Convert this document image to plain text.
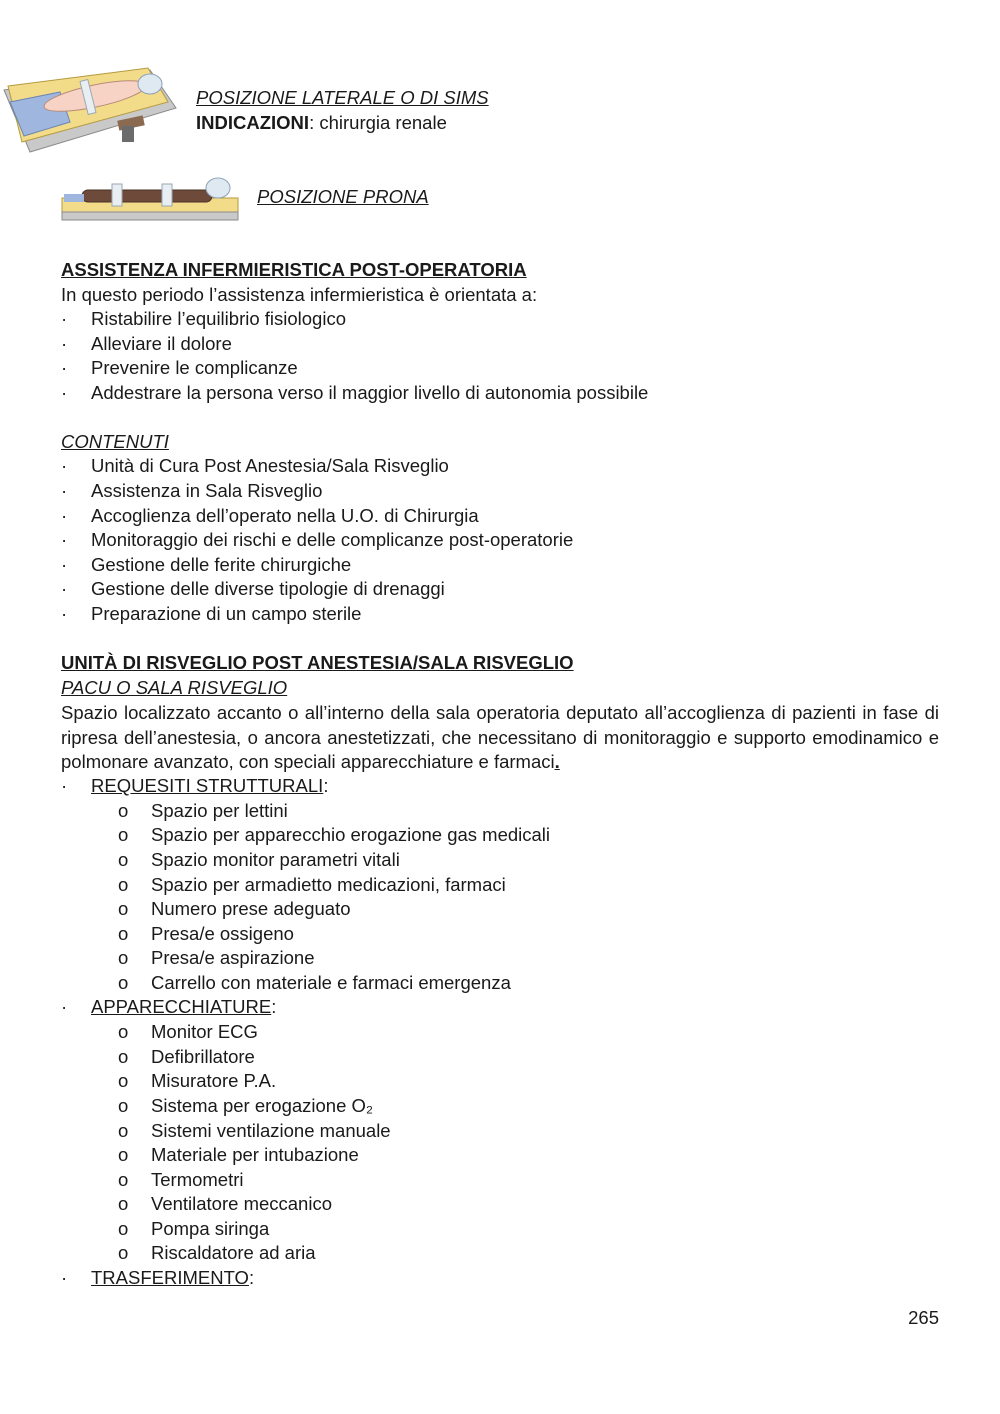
POSIZIONE LATERALE O DI SIMS
INDICAZIONI: chirurgia renale
POSIZIONE PRONA
ASSISTENZA INFERMIERISTICA POST-OPERATORIA
In questo periodo l’assistenza infermieristica è orientata a:
·	Ristabilire l’equilibrio fisiologico
·	Alleviare il dolore
·	Prevenire le complicanze
·	Addestrare la persona verso il maggior livello di autonomia possibile
CONTENUTI
·	Unità di Cura Post Anestesia/Sala Risveglio
·	Assistenza in Sala Risveglio
·	Accoglienza dell’operato nella U.O. di Chirurgia
·	Monitoraggio dei rischi e delle complicanze post-operatorie
·	Gestione delle ferite chirurgiche
·	Gestione delle diverse tipologie di drenaggi
·	Preparazione di un campo sterile
UNITÀ DI RISVEGLIO POST ANESTESIA/SALA RISVEGLIO
PACU O SALA RISVEGLIO
Spazio localizzato accanto o all’interno della sala operatoria deputato all’accoglienza di pazienti in fase di ripresa dell’anestesia, o ancora anestetizzati, che necessitano di monitoraggio e supporto emodinamico e polmonare avanzato, con speciali apparecchiature e farmaci.
·	REQUESITI STRUTTURALI:
o	Spazio per lettini
o	Spazio per apparecchio erogazione gas medicali
o	Spazio monitor parametri vitali
o	Spazio per armadietto medicazioni, farmaci
o	Numero prese adeguato
o	Presa/e ossigeno
o	Presa/e aspirazione
o	Carrello con materiale e farmaci emergenza
·	APPARECCHIATURE:
o	Monitor ECG
o	Defibrillatore
o	Misuratore P.A.
o	Sistema per erogazione O₂
o	Sistemi ventilazione manuale
o	Materiale per intubazione
o	Termometri
o	Ventilatore meccanico
o	Pompa siringa
o	Riscaldatore ad aria
·	TRASFERIMENTO:
265
